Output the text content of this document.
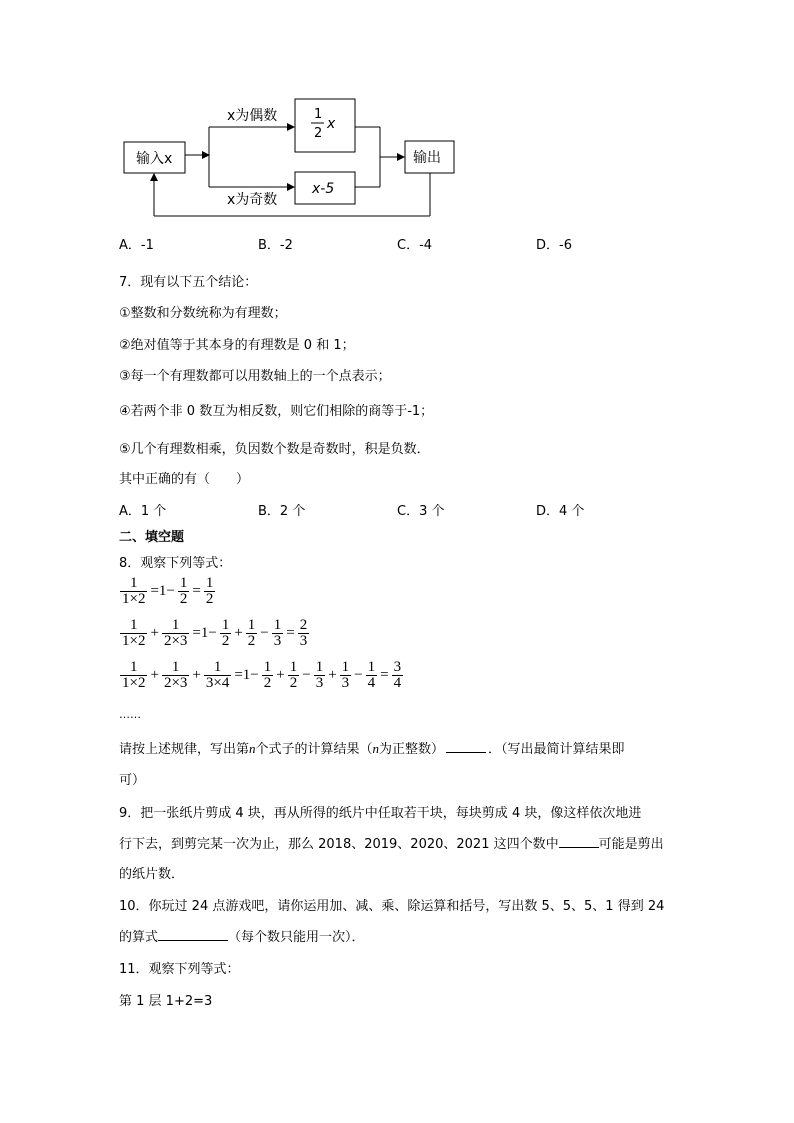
输入x
1
2
x
x-5
输出
x为偶数
x为奇数
A．-1	B．-2	C．-4	D．-6
7．现有以下五个结论：
①整数和分数统称为有理数；
②绝对值等于其本身的有理数是 0 和 1；
③每一个有理数都可以用数轴上的一个点表示；
④若两个非 0 数互为相反数，则它们相除的商等于-1；
⑤几个有理数相乘，负因数个数是奇数时，积是负数．
其中正确的有（　　）
A．1 个	B．2 个	C．3 个	D．4 个
二、填空题
8．观察下列等式：
$\frac{1}{1\times 2} =1- \frac{1}{2} = \frac{1}{2}$
1
$1\times 2 + \frac{1}{2\times 3} =1- \frac{1}{2} + \frac{1}{2} - \frac{1}{3} = \frac{2}{3}$
1
$1\times 2 + \frac{1}{2\times 3} + \frac{1}{3\times 4} =1- \frac{1}{2} + \frac{1}{2} - \frac{1}{3} + \frac{1}{3} - \frac{1}{4} = \frac{3}{4}$
……
请按上述规律，写出第n个式子的计算结果（n为正整数）	．（写出最简计算结果即
可）
9．把一张纸片剪成 4 块，再从所得的纸片中任取若干块，每块剪成 4 块，像这样依次地进
行下去，到剪完某一次为止，那么 2018、2019、2020、2021 这四个数中	可能是剪出
的纸片数．
10．你玩过 24 点游戏吧，请你运用加、减、乘、除运算和括号，写出数 5、5、5、1 得到 24
的算式	（每个数只能用一次）．
11．观察下列等式：
第 1 层 1+2=3
